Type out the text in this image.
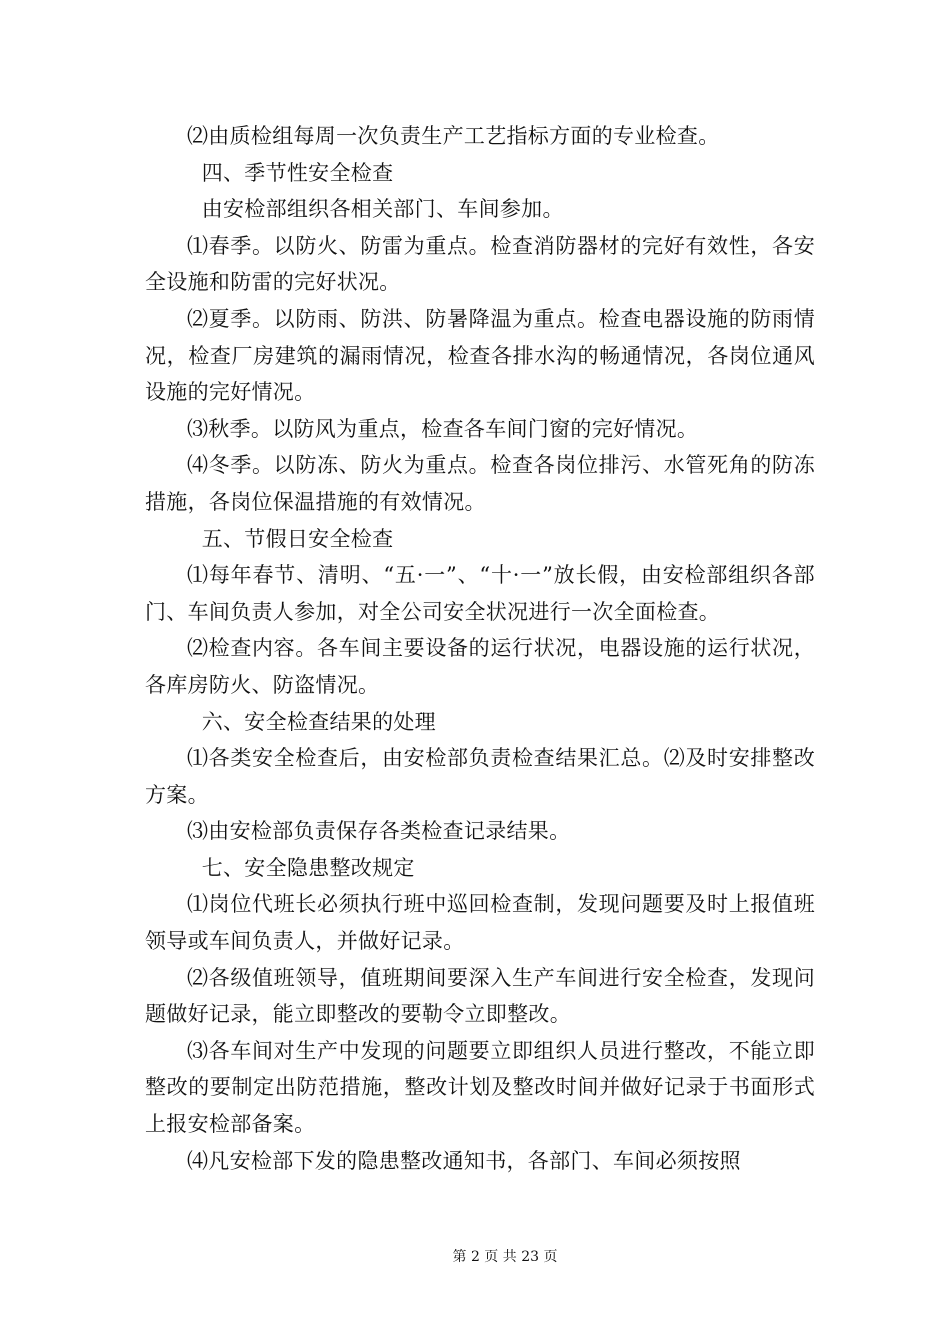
⑵由质检组每周一次负责生产工艺指标方面的专业检查。

四、季节性安全检查

由安检部组织各相关部门、车间参加。

⑴春季。以防火、防雷为重点。检查消防器材的完好有效性，各安全设施和防雷的完好状况。

⑵夏季。以防雨、防洪、防暑降温为重点。检查电器设施的防雨情况，检查厂房建筑的漏雨情况，检查各排水沟的畅通情况，各岗位通风设施的完好情况。

⑶秋季。以防风为重点，检查各车间门窗的完好情况。

⑷冬季。以防冻、防火为重点。检查各岗位排污、水管死角的防冻措施，各岗位保温措施的有效情况。

五、节假日安全检查

⑴每年春节、清明、“五·一”、“十·一”放长假，由安检部组织各部门、车间负责人参加，对全公司安全状况进行一次全面检查。

⑵检查内容。各车间主要设备的运行状况，电器设施的运行状况，各库房防火、防盗情况。

六、安全检查结果的处理

⑴各类安全检查后，由安检部负责检查结果汇总。⑵及时安排整改方案。

⑶由安检部负责保存各类检查记录结果。

七、安全隐患整改规定

⑴岗位代班长必须执行班中巡回检查制，发现问题要及时上报值班领导或车间负责人，并做好记录。

⑵各级值班领导，值班期间要深入生产车间进行安全检查，发现问题做好记录，能立即整改的要勒令立即整改。

⑶各车间对生产中发现的问题要立即组织人员进行整改，不能立即整改的要制定出防范措施，整改计划及整改时间并做好记录于书面形式上报安检部备案。

⑷凡安检部下发的隐患整改通知书，各部门、车间必须按照

第 2 页 共 23 页
